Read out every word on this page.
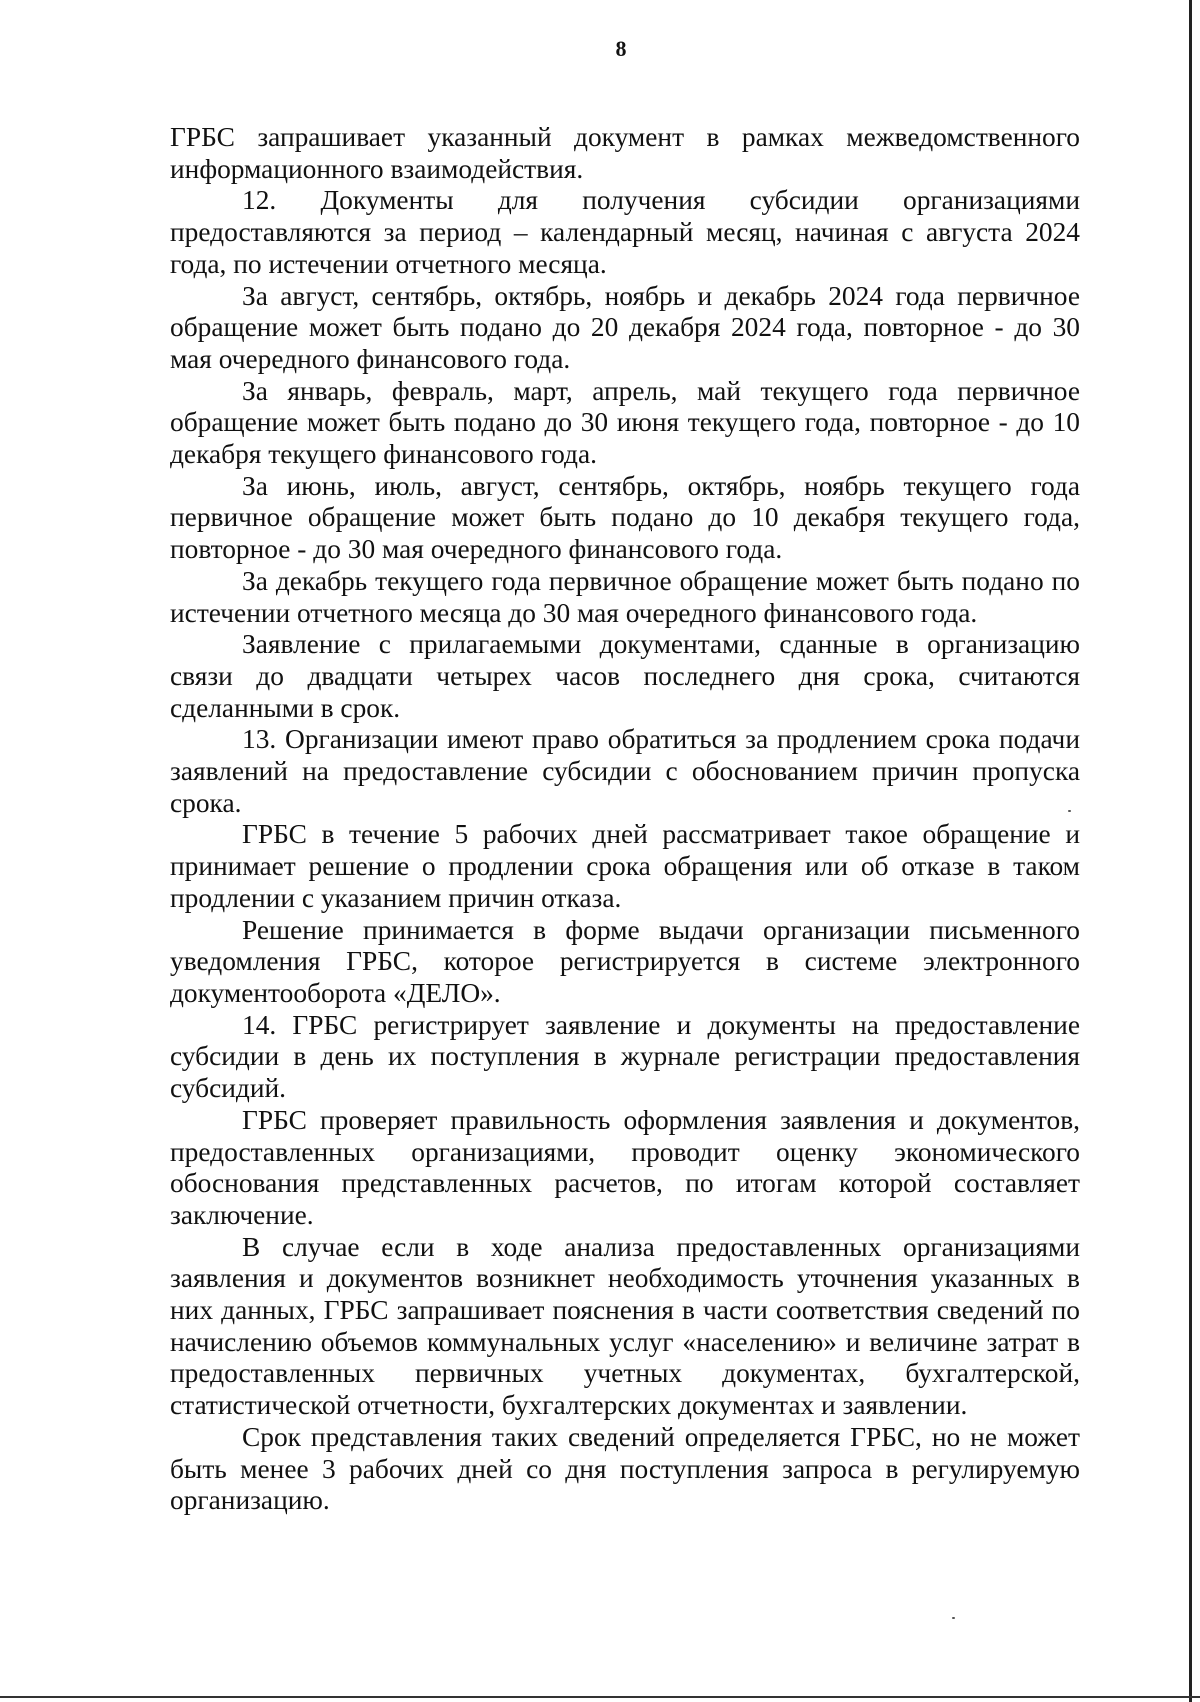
8

ГРБС запрашивает указанный документ в рамках межведомственного информационного взаимодействия.

12. Документы для получения субсидии организациями предоставляются за период – календарный месяц, начиная с августа 2024 года, по истечении отчетного месяца.

За август, сентябрь, октябрь, ноябрь и декабрь 2024 года первичное обращение может быть подано до 20 декабря 2024 года, повторное - до 30 мая очередного финансового года.

За январь, февраль, март, апрель, май текущего года первичное обращение может быть подано до 30 июня текущего года, повторное - до 10 декабря текущего финансового года.

За июнь, июль, август, сентябрь, октябрь, ноябрь текущего года первичное обращение может быть подано до 10 декабря текущего года, повторное - до 30 мая очередного финансового года.

За декабрь текущего года первичное обращение может быть подано по истечении отчетного месяца до 30 мая очередного финансового года.

Заявление с прилагаемыми документами, сданные в организацию связи до двадцати четырех часов последнего дня срока, считаются сделанными в срок.

13. Организации имеют право обратиться за продлением срока подачи заявлений на предоставление субсидии с обоснованием причин пропуска срока.

ГРБС в течение 5 рабочих дней рассматривает такое обращение и принимает решение о продлении срока обращения или об отказе в таком продлении с указанием причин отказа.

Решение принимается в форме выдачи организации письменного уведомления ГРБС, которое регистрируется в системе электронного документооборота «ДЕЛО».

14. ГРБС регистрирует заявление и документы на предоставление субсидии в день их поступления в журнале регистрации предоставления субсидий.

ГРБС проверяет правильность оформления заявления и документов, предоставленных организациями, проводит оценку экономического обоснования представленных расчетов, по итогам которой составляет заключение.

В случае если в ходе анализа предоставленных организациями заявления и документов возникнет необходимость уточнения указанных в них данных, ГРБС запрашивает пояснения в части соответствия сведений по начислению объемов коммунальных услуг «населению» и величине затрат в предоставленных первичных учетных документах, бухгалтерской, статистической отчетности, бухгалтерских документах и заявлении.

Срок представления таких сведений определяется ГРБС, но не может быть менее 3 рабочих дней со дня поступления запроса в регулируемую организацию.
